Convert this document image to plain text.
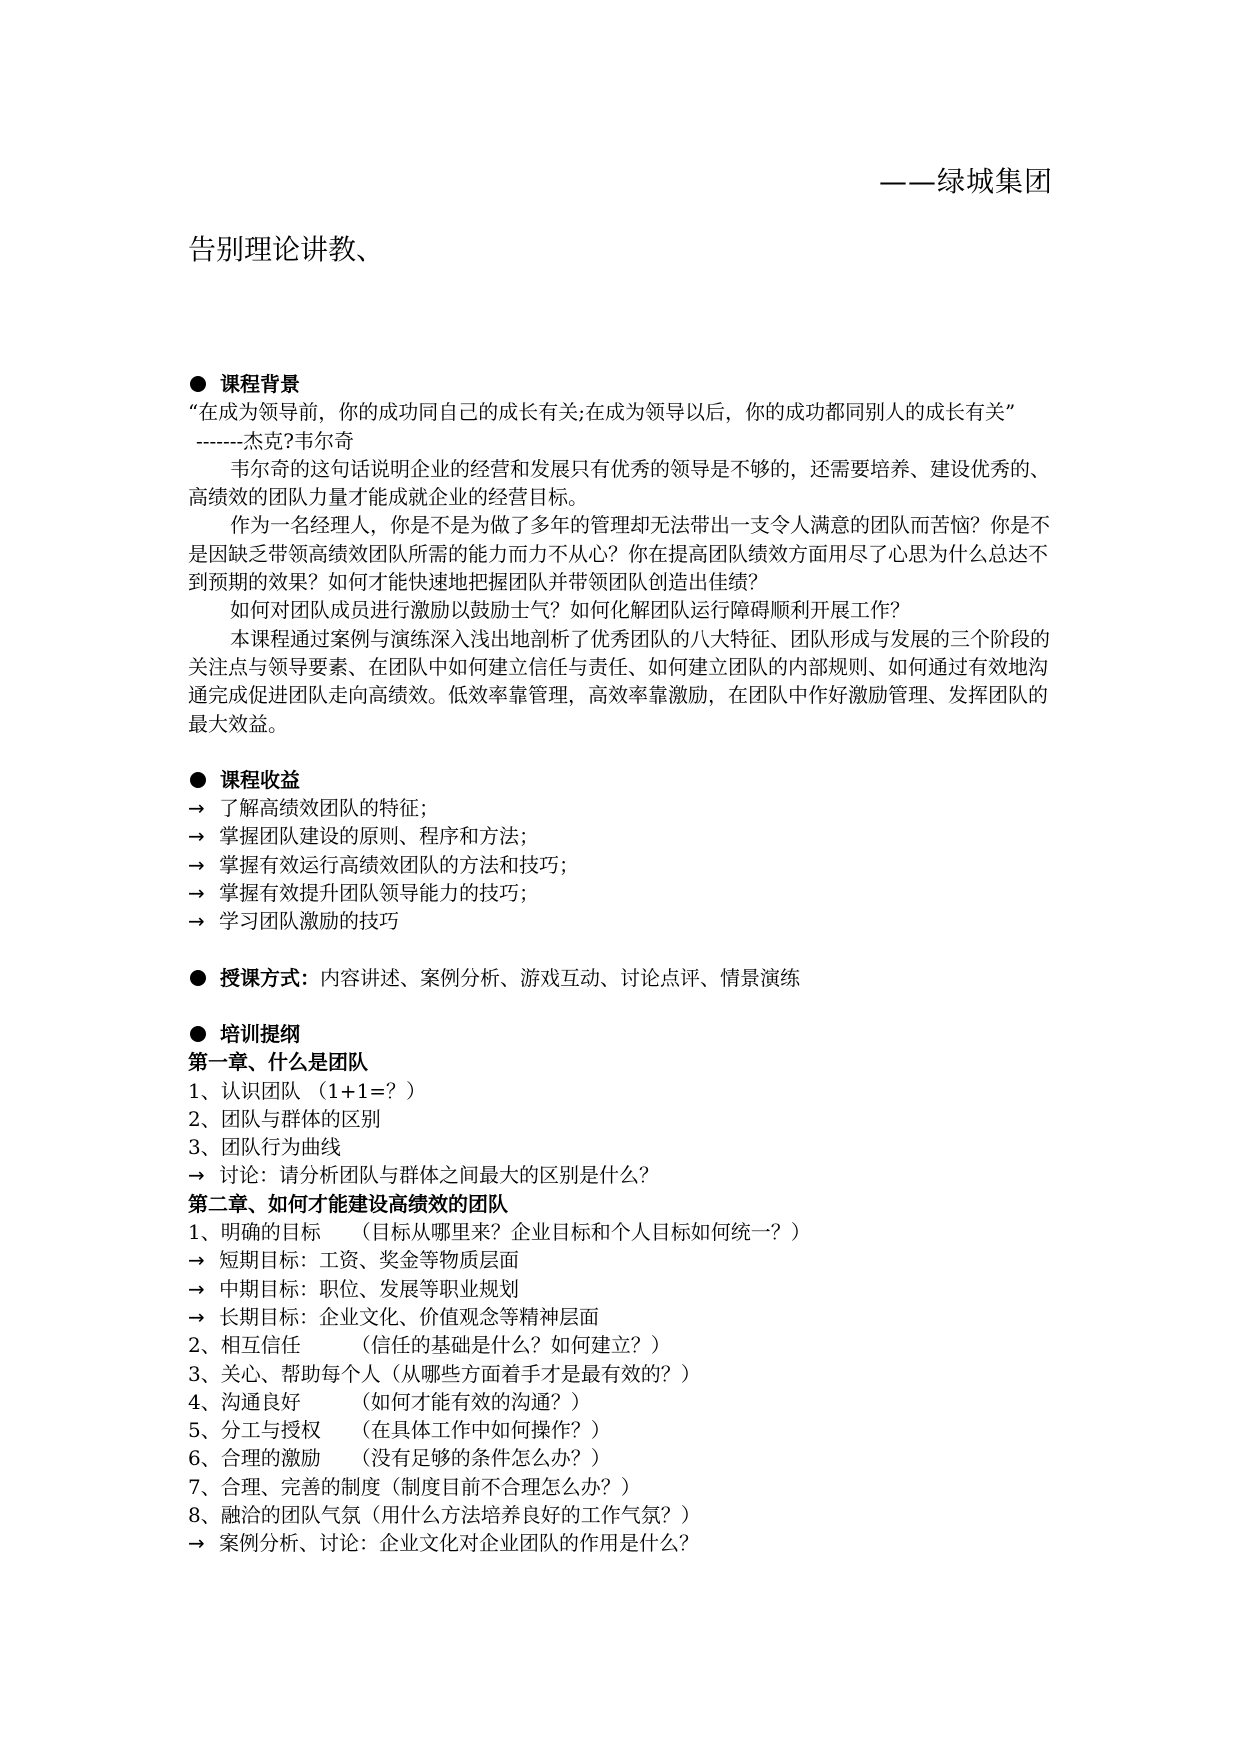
——绿城集团
告别理论讲教、
课程背景

“在成为领导前，你的成功同自己的成长有关;在成为领导以后，你的成功都同别人的成长有关”

-------杰克?韦尔奇

韦尔奇的这句话说明企业的经营和发展只有优秀的领导是不够的，还需要培养、建设优秀的、高绩效的团队力量才能成就企业的经营目标。

作为一名经理人，你是不是为做了多年的管理却无法带出一支令人满意的团队而苦恼？你是不是因缺乏带领高绩效团队所需的能力而力不从心？你在提高团队绩效方面用尽了心思为什么总达不到预期的效果？如何才能快速地把握团队并带领团队创造出佳绩？

如何对团队成员进行激励以鼓励士气？如何化解团队运行障碍顺利开展工作？

本课程通过案例与演练深入浅出地剖析了优秀团队的八大特征、团队形成与发展的三个阶段的关注点与领导要素、在团队中如何建立信任与责任、如何建立团队的内部规则、如何通过有效地沟通完成促进团队走向高绩效。低效率靠管理，高效率靠激励，在团队中作好激励管理、发挥团队的最大效益。

课程收益
→ 了解高绩效团队的特征；
→ 掌握团队建设的原则、程序和方法；
→ 掌握有效运行高绩效团队的方法和技巧；
→ 掌握有效提升团队领导能力的技巧；
→ 学习团队激励的技巧
授课方式： 内容讲述、案例分析、游戏互动、讨论点评、情景演练
培训提纲
第一章、什么是团队

1、认识团队 （1+1=？）

2、团队与群体的区别

3、团队行为曲线

→ 讨论：请分析团队与群体之间最大的区别是什么？
第二章、如何才能建设高绩效的团队

1、明确的目标　　（目标从哪里来？企业目标和个人目标如何统一？）

→ 短期目标：工资、奖金等物质层面
→ 中期目标：职位、发展等职业规划
→ 长期目标：企业文化、价值观念等精神层面

2、相互信任　　　（信任的基础是什么？如何建立？）

3、关心、帮助每个人（从哪些方面着手才是最有效的？）

4、沟通良好　　　（如何才能有效的沟通？）

5、分工与授权　　（在具体工作中如何操作？）

6、合理的激励　　（没有足够的条件怎么办？）

7、合理、完善的制度（制度目前不合理怎么办？）

8、融洽的团队气氛（用什么方法培养良好的工作气氛？）

→ 案例分析、讨论：企业文化对企业团队的作用是什么？
